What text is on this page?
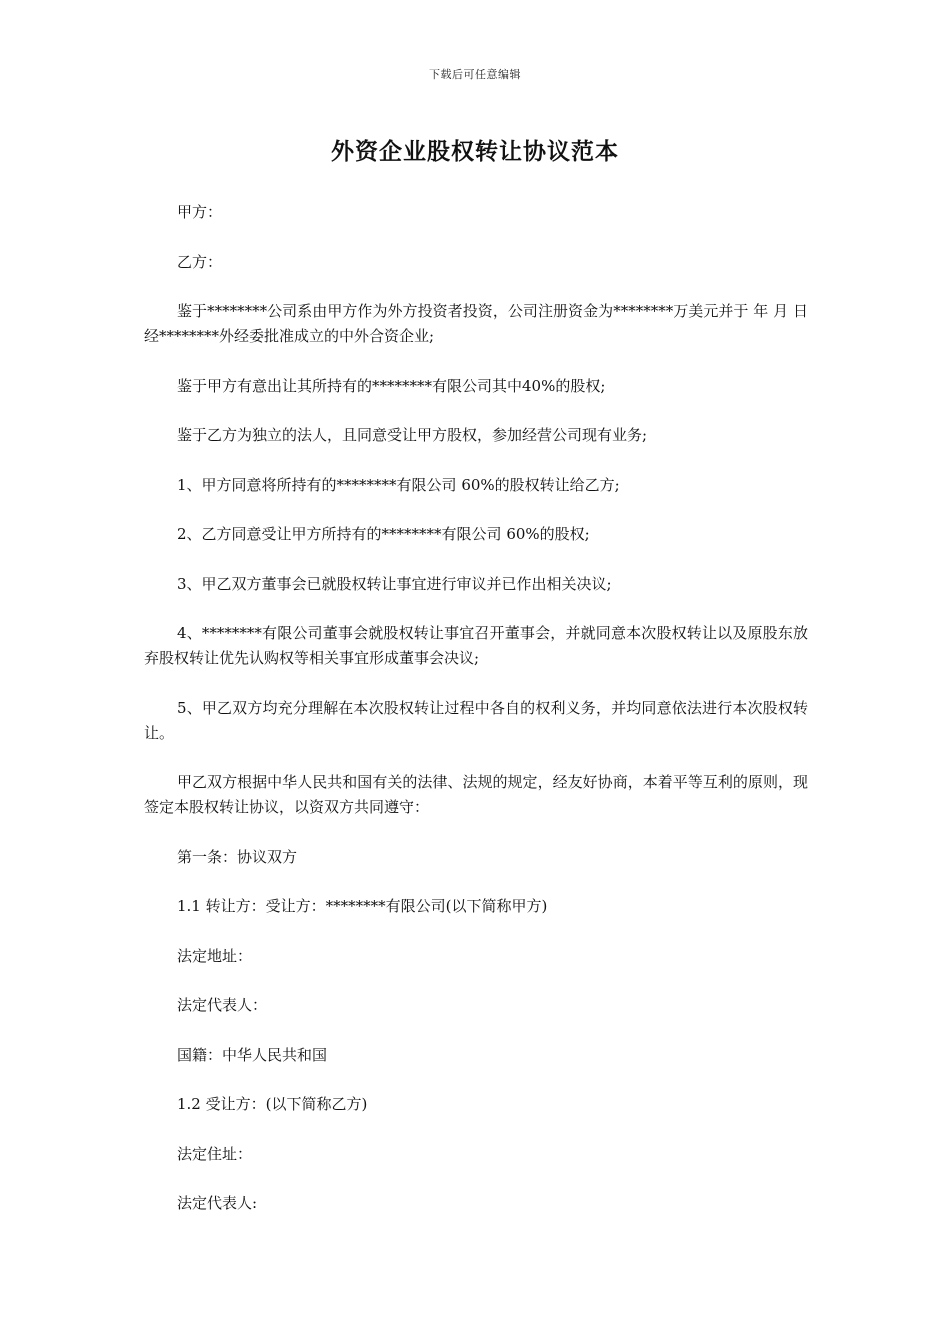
下载后可任意编辑
外资企业股权转让协议范本

甲方：

乙方：

鉴于********公司系由甲方作为外方投资者投资，公司注册资金为********万美元并于 年 月 日经********外经委批准成立的中外合资企业;

鉴于甲方有意出让其所持有的********有限公司其中40%的股权;

鉴于乙方为独立的法人，且同意受让甲方股权，参加经营公司现有业务;

1、甲方同意将所持有的********有限公司 60%的股权转让给乙方;

2、乙方同意受让甲方所持有的********有限公司 60%的股权;

3、甲乙双方董事会已就股权转让事宜进行审议并已作出相关决议;

4、********有限公司董事会就股权转让事宜召开董事会，并就同意本次股权转让以及原股东放弃股权转让优先认购权等相关事宜形成董事会决议;

5、甲乙双方均充分理解在本次股权转让过程中各自的权利义务，并均同意依法进行本次股权转让。

甲乙双方根据中华人民共和国有关的法律、法规的规定，经友好协商，本着平等互利的原则，现签定本股权转让协议，以资双方共同遵守：

第一条：协议双方

1.1 转让方：受让方：********有限公司(以下简称甲方)

法定地址：

法定代表人：

国籍：中华人民共和国

1.2 受让方：(以下简称乙方)

法定住址：

法定代表人:
